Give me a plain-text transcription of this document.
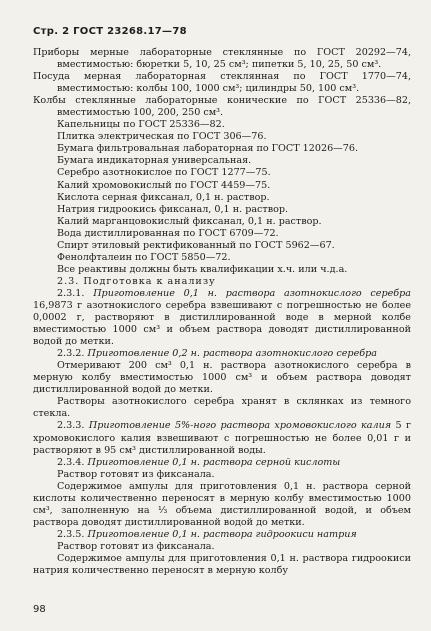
Стр. 2 ГОСТ 23268.17—78

Приборы мерные лабораторные стеклянные по ГОСТ 20292—74, вместимостью: бюретки 5, 10, 25 см³; пипетки 5, 10, 25, 50 см³.

Посуда мерная лабораторная стеклянная по ГОСТ 1770—74, вместимостью: колбы 100, 1000 см³; цилиндры 50, 100 см³.

Колбы стеклянные лабораторные конические по ГОСТ 25336—82, вместимостью 100, 200, 250 см³.

Капельницы по ГОСТ 25336—82.

Плитка электрическая по ГОСТ 306—76.

Бумага фильтровальная лабораторная по ГОСТ 12026—76.

Бумага индикаторная универсальная.

Серебро азотнокислое по ГОСТ 1277—75.

Калий хромовокислый по ГОСТ 4459—75.

Кислота серная фиксанал, 0,1 н. раствор.

Натрия гидроокись фиксанал, 0,1 н. раствор.

Калий марганцовокислый фиксанал, 0,1 н. раствор.

Вода дистиллированная по ГОСТ 6709—72.

Спирт этиловый ректификованный по ГОСТ 5962—67.

Фенолфталеин по ГОСТ 5850—72.

Все реактивы должны быть квалификации х.ч. или ч.д.а.

2.3. Подготовка к анализу

2.3.1. Приготовление 0,1 н. раствора азотнокислого серебра 16,9873 г азотнокислого серебра взвешивают с погрешностью не более 0,0002 г, растворяют в дистиллированной воде в мерной колбе вместимостью 1000 см³ и объем раствора доводят дистиллированной водой до метки.

2.3.2. Приготовление 0,2 н. раствора азотнокислого серебра

Отмеривают 200 см³ 0,1 н. раствора азотнокислого серебра в мерную колбу вместимостью 1000 см³ и объем раствора доводят дистиллированной водой до метки.

Растворы азотнокислого серебра хранят в склянках из темного стекла.

2.3.3. Приготовление 5%-ного раствора хромовокислого калия 5 г хромовокислого калия взвешивают с погрешностью не более 0,01 г и растворяют в 95 см³ дистиллированной воды.

2.3.4. Приготовление 0,1 н. раствора серной кислоты

Раствор готовят из фиксанала.

Содержимое ампулы для приготовления 0,1 н. раствора серной кислоты количественно переносят в мерную колбу вместимостью 1000 см³, заполненную на ⅓ объема дистиллированной водой, и объем раствора доводят дистиллированной водой до метки.

2.3.5. Приготовление 0,1 н. раствора гидроокиси натрия

Раствор готовят из фиксанала.

Содержимое ампулы для приготовления 0,1 н. раствора гидроокиси натрия количественно переносят в мерную колбу

98
